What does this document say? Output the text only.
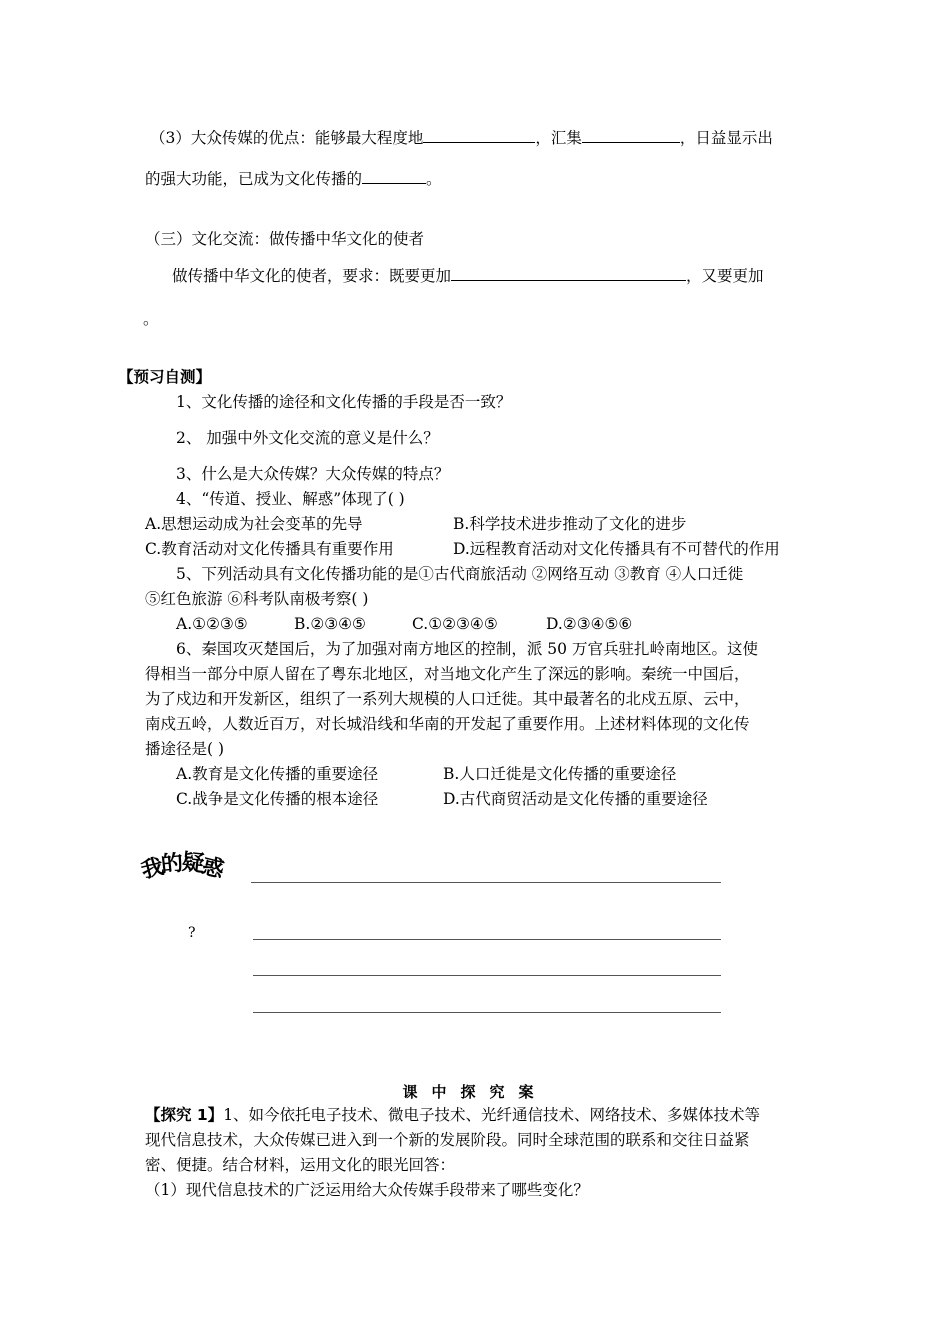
（3）大众传媒的优点：能够最大程度地	，汇集	，日益显示出
的强大功能，已成为文化传播的	。
（三）文化交流：做传播中华文化的使者
做传播中华文化的使者，要求：既要更加	，又要更加
。
【预习自测】
1、文化传播的途径和文化传播的手段是否一致？
2、 加强中外文化交流的意义是什么？
3、什么是大众传媒？大众传媒的特点？
4、“传道、授业、解惑”体现了( )
A.思想运动成为社会变革的先导	B.科学技术进步推动了文化的进步
C.教育活动对文化传播具有重要作用	D.远程教育活动对文化传播具有不可替代的作用
5、下列活动具有文化传播功能的是①古代商旅活动 ②网络互动 ③教育 ④人口迁徙
⑤红色旅游 ⑥科考队南极考察( )
A.①②③⑤	B.②③④⑤	C.①②③④⑤	D.②③④⑤⑥
6、秦国攻灭楚国后，为了加强对南方地区的控制，派 50 万官兵驻扎岭南地区。这使
得相当一部分中原人留在了粤东北地区，对当地文化产生了深远的影响。秦统一中国后，
为了戍边和开发新区，组织了一系列大规模的人口迁徙。其中最著名的北戍五原、云中，
南戍五岭，人数近百万，对长城沿线和华南的开发起了重要作用。上述材料体现的文化传
播途径是( )
A.教育是文化传播的重要途径	B.人口迁徙是文化传播的重要途径
C.战争是文化传播的根本途径	D.古代商贸活动是文化传播的重要途径
我的疑惑
?
课中探究案
【探究 1】1、如今依托电子技术、微电子技术、光纤通信技术、网络技术、多媒体技术等
现代信息技术，大众传媒已进入到一个新的发展阶段。同时全球范围的联系和交往日益紧
密、便捷。结合材料，运用文化的眼光回答：
（1）现代信息技术的广泛运用给大众传媒手段带来了哪些变化？
